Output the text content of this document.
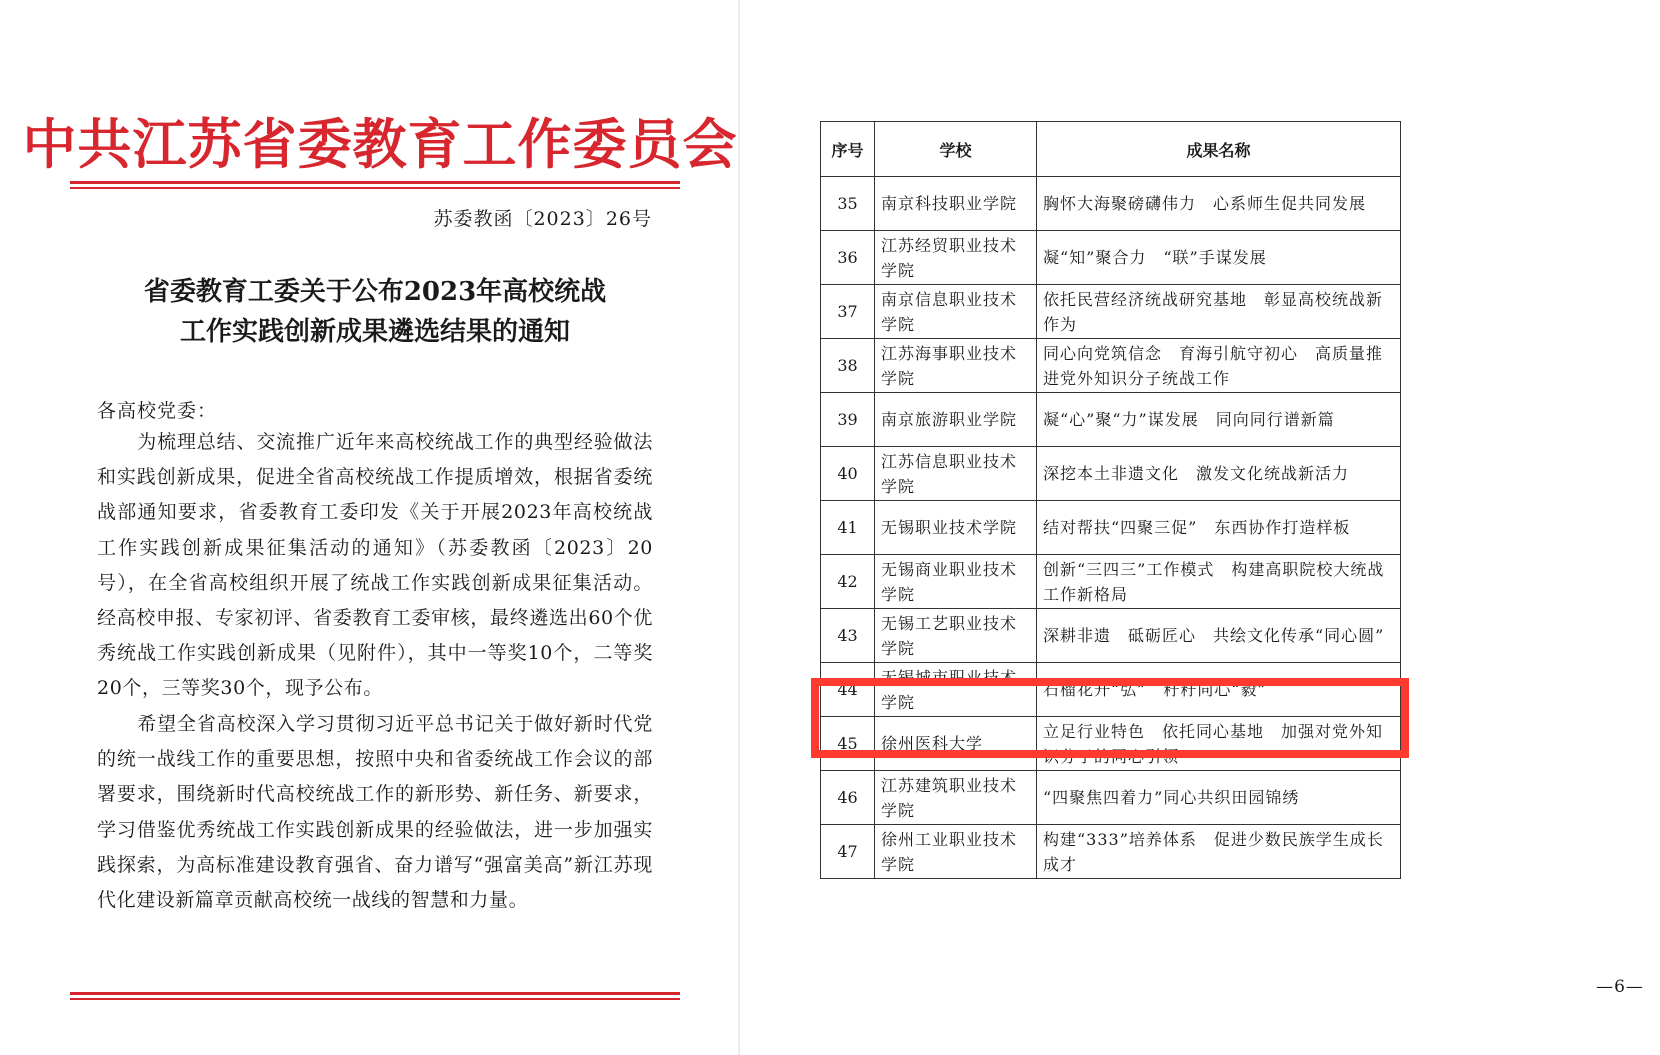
中共江苏省委教育工作委员会
苏委教函〔2023〕26号
省委教育工委关于公布2023年高校统战
工作实践创新成果遴选结果的通知
各高校党委：
为梳理总结、交流推广近年来高校统战工作的典型经验做法和实践创新成果，促进全省高校统战工作提质增效，根据省委统战部通知要求，省委教育工委印发《关于开展2023年高校统战工作实践创新成果征集活动的通知》（苏委教函〔2023〕20号），在全省高校组织开展了统战工作实践创新成果征集活动。经高校申报、专家初评、省委教育工委审核，最终遴选出60个优秀统战工作实践创新成果（见附件），其中一等奖10个，二等奖20个，三等奖30个，现予公布。
希望全省高校深入学习贯彻习近平总书记关于做好新时代党的统一战线工作的重要思想，按照中央和省委统战工作会议的部署要求，围绕新时代高校统战工作的新形势、新任务、新要求，学习借鉴优秀统战工作实践创新成果的经验做法，进一步加强实践探索，为高标准建设教育强省、奋力谱写“强富美高”新江苏现代化建设新篇章贡献高校统一战线的智慧和力量。
序号	学校	成果名称
35	南京科技职业学院	胸怀大海聚磅礴伟力　心系师生促共同发展
36	江苏经贸职业技术学院	凝“知”聚合力　“联”手谋发展
37	南京信息职业技术学院	依托民营经济统战研究基地　彰显高校统战新作为
38	江苏海事职业技术学院	同心向党筑信念　育海引航守初心　高质量推进党外知识分子统战工作
39	南京旅游职业学院	凝“心”聚“力”谋发展　同向同行谱新篇
40	江苏信息职业技术学院	深挖本土非遗文化　激发文化统战新活力
41	无锡职业技术学院	结对帮扶“四聚三促”　东西协作打造样板
42	无锡商业职业技术学院	创新“三四三”工作模式　构建高职院校大统战工作新格局
43	无锡工艺职业技术学院	深耕非遗　砥砺匠心　共绘文化传承“同心圆”
44	无锡城市职业技术学院	石榴花开“弘”　籽籽同心“毅”
45	徐州医科大学	立足行业特色　依托同心基地　加强对党外知识分子的同心引领
46	江苏建筑职业技术学院	“四聚焦四着力”同心共织田园锦绣
47	徐州工业职业技术学院	构建“333”培养体系　促进少数民族学生成长成才
—6—
